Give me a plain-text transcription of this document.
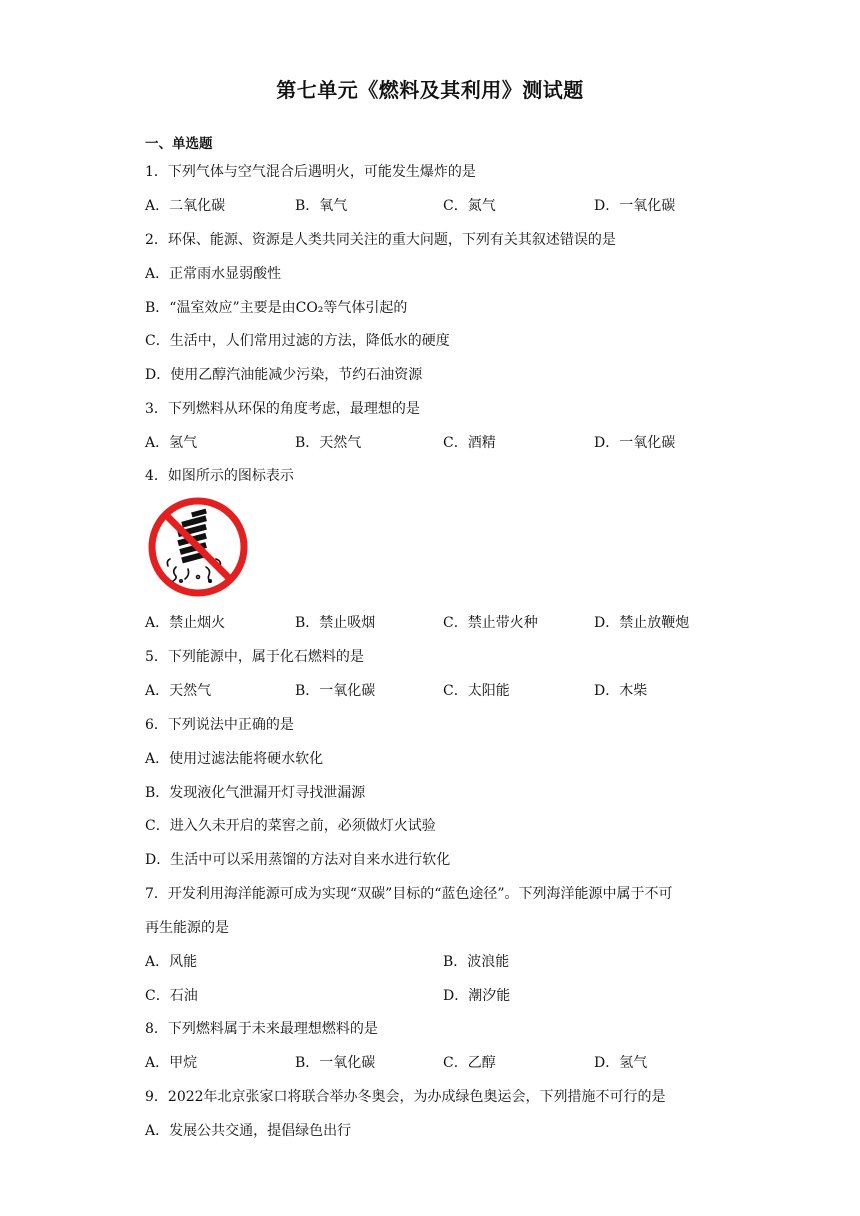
第七单元《燃料及其利用》测试题
一、单选题
1．下列气体与空气混合后遇明火，可能发生爆炸的是
A．二氧化碳	B．氧气	C．氮气	D．一氧化碳
2．环保、能源、资源是人类共同关注的重大问题，下列有关其叙述错误的是
A．正常雨水显弱酸性
B．“温室效应”主要是由CO₂等气体引起的
C．生活中，人们常用过滤的方法，降低水的硬度
D．使用乙醇汽油能减少污染，节约石油资源
3．下列燃料从环保的角度考虑，最理想的是
A．氢气	B．天然气	C．酒精	D．一氧化碳
4．如图所示的图标表示
A．禁止烟火	B．禁止吸烟	C．禁止带火种	D．禁止放鞭炮
5．下列能源中，属于化石燃料的是
A．天然气	B．一氧化碳	C．太阳能	D．木柴
6．下列说法中正确的是
A．使用过滤法能将硬水软化
B．发现液化气泄漏开灯寻找泄漏源
C．进入久未开启的菜窖之前，必须做灯火试验
D．生活中可以采用蒸馏的方法对自来水进行软化
7．开发利用海洋能源可成为实现“双碳”目标的“蓝色途径”。下列海洋能源中属于不可
再生能源的是
A．风能	B．波浪能
C．石油	D．潮汐能
8．下列燃料属于未来最理想燃料的是
A．甲烷	B．一氧化碳	C．乙醇	D．氢气
9．2022年北京张家口将联合举办冬奥会，为办成绿色奥运会，下列措施不可行的是
A．发展公共交通，提倡绿色出行
